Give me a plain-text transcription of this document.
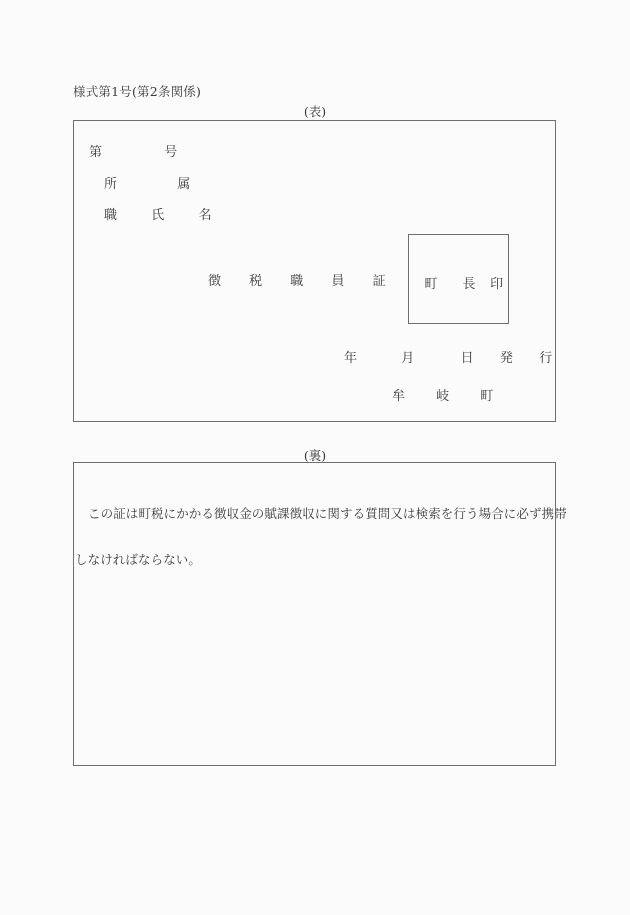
様式第1号(第2条関係)
(表)
第	号
所	属
職	氏	名
徴 税 職 員 証	町 長 印
年	月	日 発 行
牟 岐 町
(裏)
この証は町税にかかる徴収金の賦課徴収に関する質問又は検索を行う場合に必ず携帯
しなければならない。
